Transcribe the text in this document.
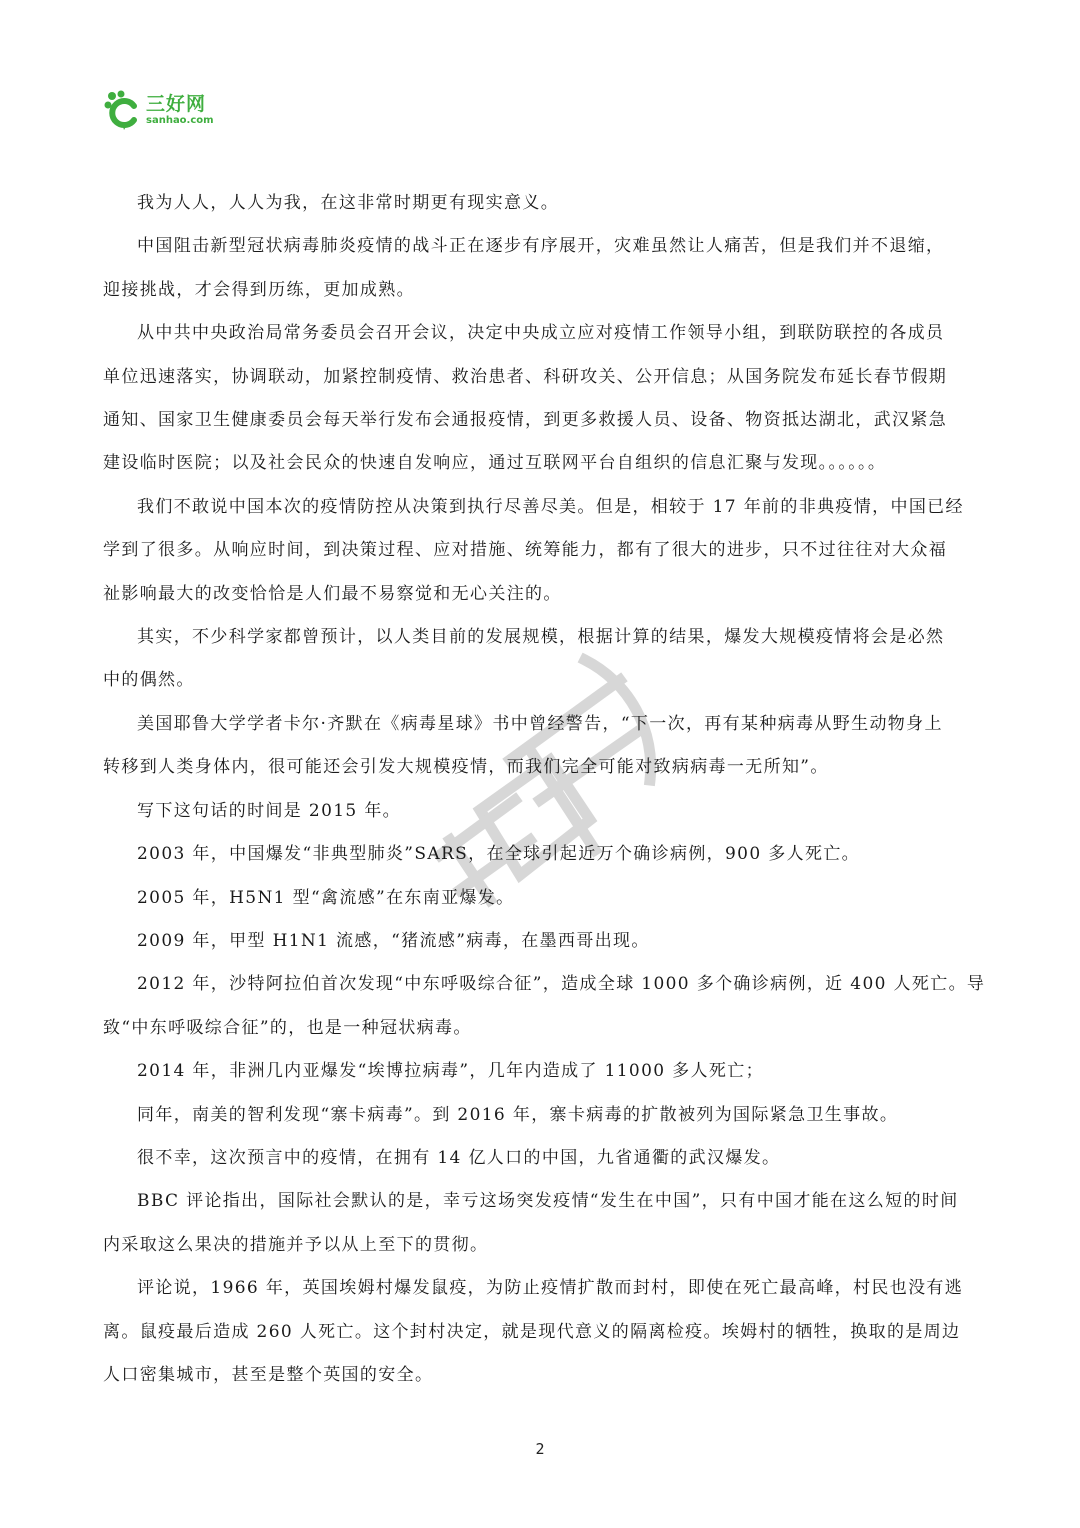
三好网
sanhao.com
我为人人，人人为我，在这非常时期更有现实意义。
中国阻击新型冠状病毒肺炎疫情的战斗正在逐步有序展开，灾难虽然让人痛苦，但是我们并不退缩，
迎接挑战，才会得到历练，更加成熟。
从中共中央政治局常务委员会召开会议，决定中央成立应对疫情工作领导小组，到联防联控的各成员
单位迅速落实，协调联动，加紧控制疫情、救治患者、科研攻关、公开信息；从国务院发布延长春节假期
通知、国家卫生健康委员会每天举行发布会通报疫情，到更多救援人员、设备、物资抵达湖北，武汉紧急
建设临时医院；以及社会民众的快速自发响应，通过互联网平台自组织的信息汇聚与发现。。。。。。
我们不敢说中国本次的疫情防控从决策到执行尽善尽美。但是，相较于 17 年前的非典疫情，中国已经
学到了很多。从响应时间，到决策过程、应对措施、统筹能力，都有了很大的进步，只不过往往对大众福
祉影响最大的改变恰恰是人们最不易察觉和无心关注的。
其实，不少科学家都曾预计，以人类目前的发展规模，根据计算的结果，爆发大规模疫情将会是必然
中的偶然。
美国耶鲁大学学者卡尔·齐默在《病毒星球》书中曾经警告，“下一次，再有某种病毒从野生动物身上
转移到人类身体内，很可能还会引发大规模疫情，而我们完全可能对致病病毒一无所知”。
写下这句话的时间是 2015 年。
2003 年，中国爆发“非典型肺炎”SARS，在全球引起近万个确诊病例，900 多人死亡。
2005 年，H5N1 型“禽流感”在东南亚爆发。
2009 年，甲型 H1N1 流感，“猪流感”病毒，在墨西哥出现。
2012 年，沙特阿拉伯首次发现“中东呼吸综合征”，造成全球 1000 多个确诊病例，近 400 人死亡。导
致“中东呼吸综合征”的，也是一种冠状病毒。
2014 年，非洲几内亚爆发“埃博拉病毒”，几年内造成了 11000 多人死亡；
同年，南美的智利发现“寨卡病毒”。到 2016 年，寨卡病毒的扩散被列为国际紧急卫生事故。
很不幸，这次预言中的疫情，在拥有 14 亿人口的中国，九省通衢的武汉爆发。
BBC 评论指出，国际社会默认的是，幸亏这场突发疫情“发生在中国”，只有中国才能在这么短的时间
内采取这么果决的措施并予以从上至下的贯彻。
评论说，1966 年，英国埃姆村爆发鼠疫，为防止疫情扩散而封村，即使在死亡最高峰，村民也没有逃
离。鼠疫最后造成 260 人死亡。这个封村决定，就是现代意义的隔离检疫。埃姆村的牺牲，换取的是周边
人口密集城市，甚至是整个英国的安全。
2
